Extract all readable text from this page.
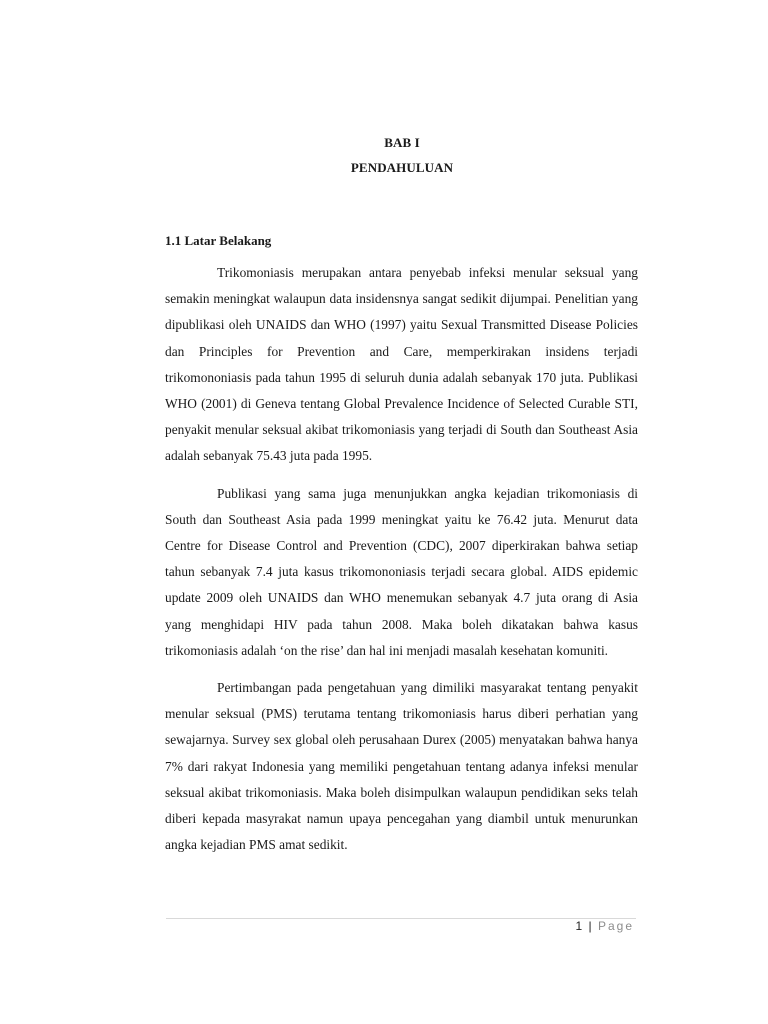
BAB I
PENDAHULUAN
1.1 Latar Belakang

Trikomoniasis merupakan antara penyebab infeksi menular seksual yang semakin meningkat walaupun data insidensnya sangat sedikit dijumpai. Penelitian yang dipublikasi oleh UNAIDS dan WHO (1997) yaitu Sexual Transmitted Disease Policies dan Principles for Prevention and Care, memperkirakan insidens terjadi trikomononiasis pada tahun 1995 di seluruh dunia adalah sebanyak 170 juta. Publikasi WHO (2001) di Geneva tentang Global Prevalence Incidence of Selected Curable STI, penyakit menular seksual akibat trikomoniasis yang terjadi di South dan Southeast Asia adalah sebanyak 75.43 juta pada 1995.

Publikasi yang sama juga menunjukkan angka kejadian trikomoniasis di South dan Southeast Asia pada 1999 meningkat yaitu ke 76.42 juta. Menurut data Centre for Disease Control and Prevention (CDC), 2007 diperkirakan bahwa setiap tahun sebanyak 7.4 juta kasus trikomononiasis terjadi secara global. AIDS epidemic update 2009 oleh UNAIDS dan WHO menemukan sebanyak 4.7 juta orang di Asia yang menghidapi HIV pada tahun 2008. Maka boleh dikatakan bahwa kasus trikomoniasis adalah ‘on the rise’ dan hal ini menjadi masalah kesehatan komuniti.

Pertimbangan pada pengetahuan yang dimiliki masyarakat tentang penyakit menular seksual (PMS) terutama tentang trikomoniasis harus diberi perhatian yang sewajarnya. Survey sex global oleh perusahaan Durex (2005) menyatakan bahwa hanya 7% dari rakyat Indonesia yang memiliki pengetahuan tentang adanya infeksi menular seksual akibat trikomoniasis. Maka boleh disimpulkan walaupun pendidikan seks telah diberi kepada masyrakat namun upaya pencegahan yang diambil untuk menurunkan angka kejadian PMS amat sedikit.

1 | Page
